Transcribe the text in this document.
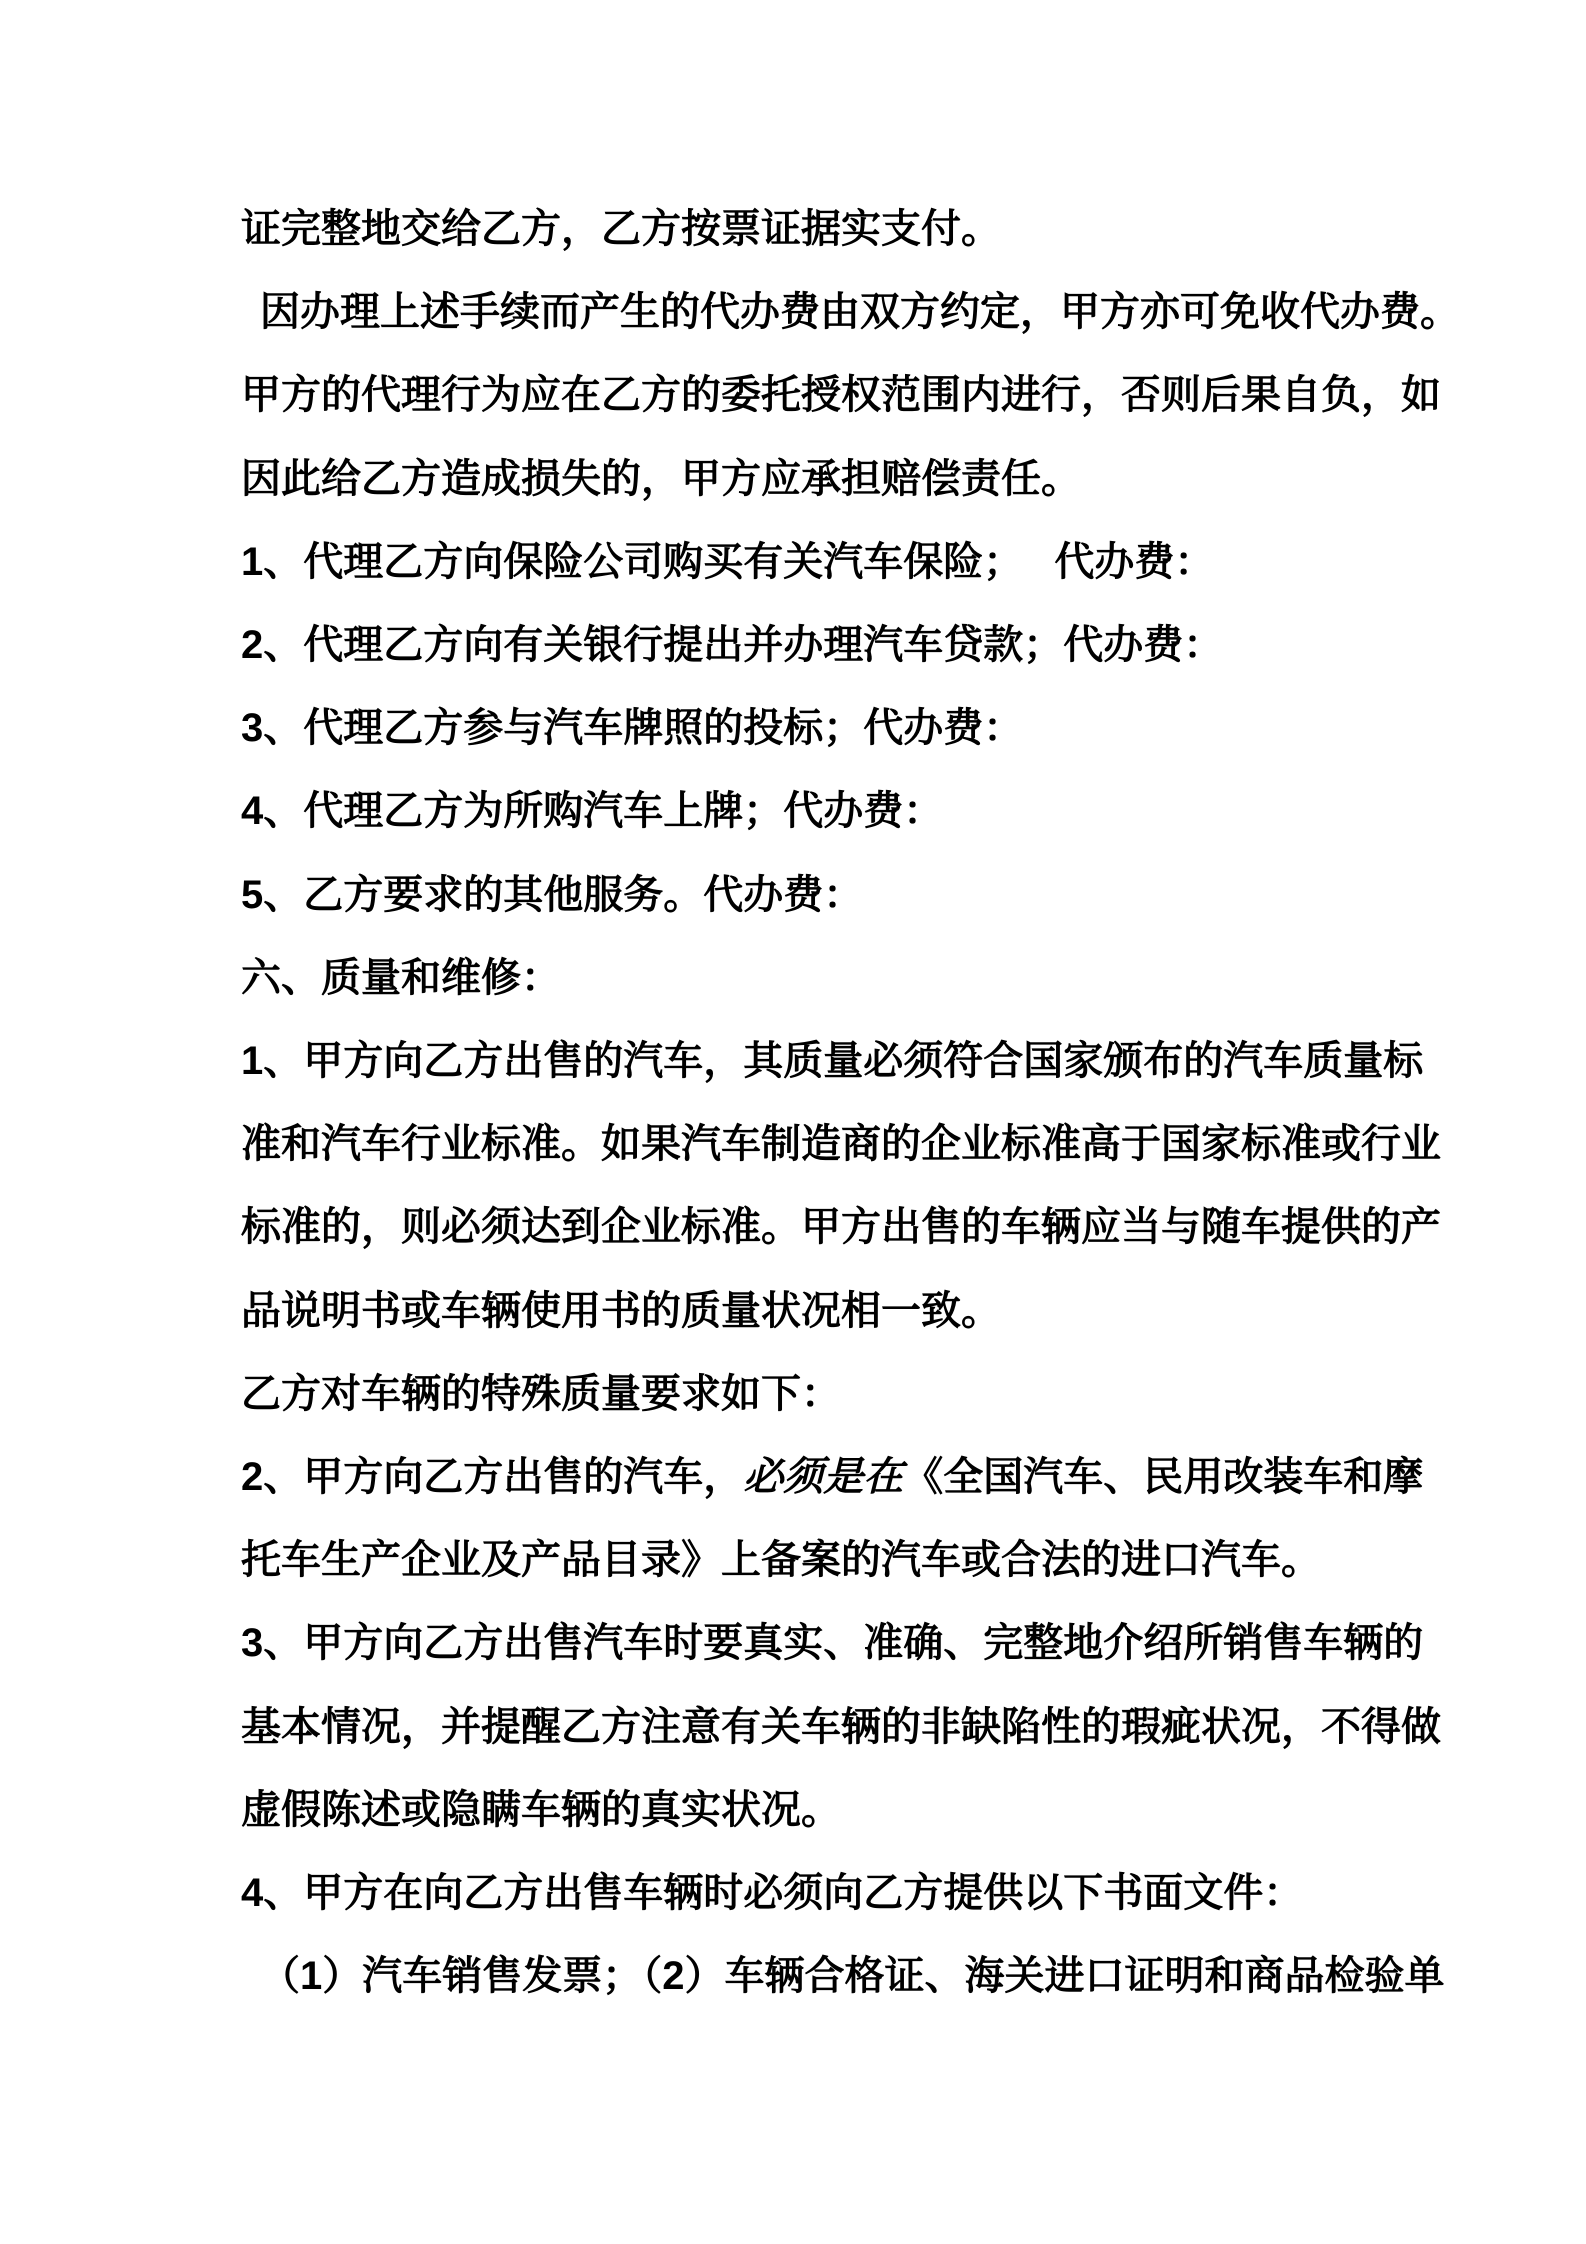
证完整地交给乙方，乙方按票证据实支付。
因办理上述手续而产生的代办费由双方约定，甲方亦可免收代办费。
甲方的代理行为应在乙方的委托授权范围内进行，否则后果自负，如
因此给乙方造成损失的，甲方应承担赔偿责任。
1、代理乙方向保险公司购买有关汽车保险；　 代办费：
2、代理乙方向有关银行提出并办理汽车贷款；代办费：
3、代理乙方参与汽车牌照的投标；代办费：
4、代理乙方为所购汽车上牌；代办费：
5、乙方要求的其他服务。代办费：
六、质量和维修：
1、甲方向乙方出售的汽车，其质量必须符合国家颁布的汽车质量标
准和汽车行业标准。如果汽车制造商的企业标准高于国家标准或行业
标准的，则必须达到企业标准。甲方出售的车辆应当与随车提供的产
品说明书或车辆使用书的质量状况相一致。
乙方对车辆的特殊质量要求如下：
2、甲方向乙方出售的汽车，必须是在《全国汽车、民用改装车和摩
托车生产企业及产品目录》上备案的汽车或合法的进口汽车。
3、甲方向乙方出售汽车时要真实、准确、完整地介绍所销售车辆的
基本情况，并提醒乙方注意有关车辆的非缺陷性的瑕疵状况，不得做
虚假陈述或隐瞒车辆的真实状况。
4、甲方在向乙方出售车辆时必须向乙方提供以下书面文件：
（1）汽车销售发票；（2）车辆合格证、海关进口证明和商品检验单
